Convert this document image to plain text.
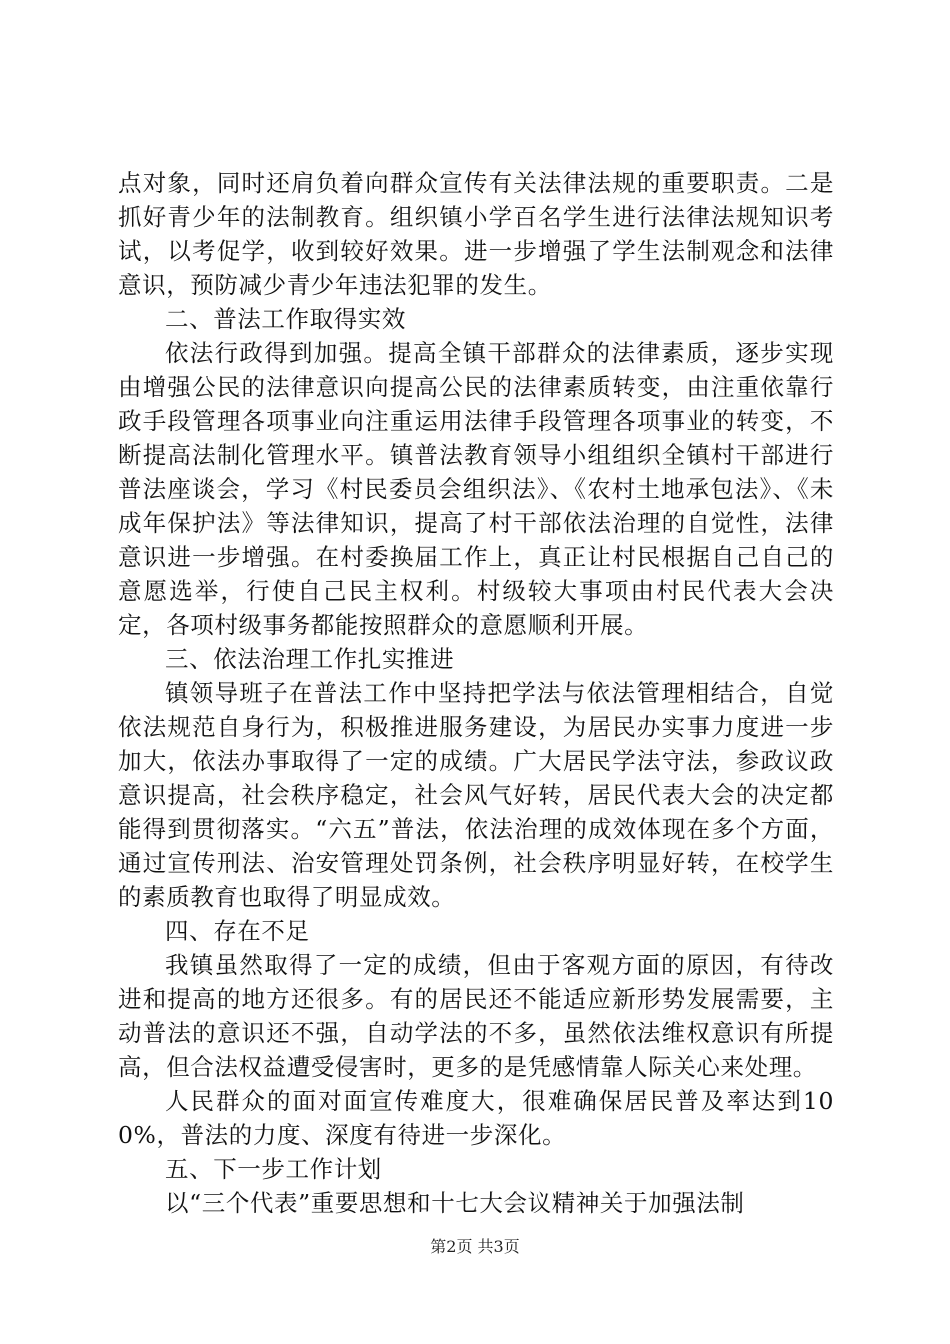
点对象，同时还肩负着向群众宣传有关法律法规的重要职责。二是抓好青少年的法制教育。组织镇小学百名学生进行法律法规知识考试，以考促学，收到较好效果。进一步增强了学生法制观念和法律意识，预防减少青少年违法犯罪的发生。

二、普法工作取得实效

依法行政得到加强。提高全镇干部群众的法律素质，逐步实现由增强公民的法律意识向提高公民的法律素质转变，由注重依靠行政手段管理各项事业向注重运用法律手段管理各项事业的转变，不断提高法制化管理水平。镇普法教育领导小组组织全镇村干部进行普法座谈会，学习《村民委员会组织法》、《农村土地承包法》、《未成年保护法》等法律知识，提高了村干部依法治理的自觉性，法律意识进一步增强。在村委换届工作上，真正让村民根据自己自己的意愿选举，行使自己民主权利。村级较大事项由村民代表大会决定，各项村级事务都能按照群众的意愿顺利开展。

三、依法治理工作扎实推进

镇领导班子在普法工作中坚持把学法与依法管理相结合，自觉依法规范自身行为，积极推进服务建设，为居民办实事力度进一步加大，依法办事取得了一定的成绩。广大居民学法守法，参政议政意识提高，社会秩序稳定，社会风气好转，居民代表大会的决定都能得到贯彻落实。“六五”普法，依法治理的成效体现在多个方面，通过宣传刑法、治安管理处罚条例，社会秩序明显好转，在校学生的素质教育也取得了明显成效。

四、存在不足

我镇虽然取得了一定的成绩，但由于客观方面的原因，有待改进和提高的地方还很多。有的居民还不能适应新形势发展需要，主动普法的意识还不强，自动学法的不多，虽然依法维权意识有所提高，但合法权益遭受侵害时，更多的是凭感情靠人际关心来处理。

人民群众的面对面宣传难度大，很难确保居民普及率达到100%，普法的力度、深度有待进一步深化。

五、下一步工作计划

以“三个代表”重要思想和十七大会议精神关于加强法制

第2页 共3页
